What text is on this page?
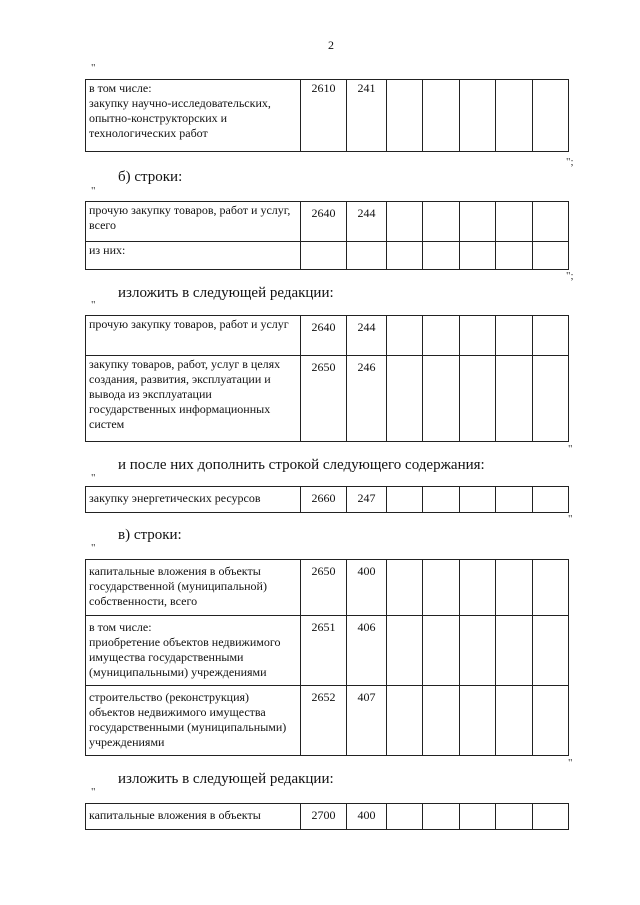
2
"
в том числе:
закупку научно-исследовательских, опытно-конструкторских и технологических работ	2610	241					
";
б) строки:
"
прочую закупку товаров, работ и услуг, всего	2640	244					
из них:							
";
изложить в следующей редакции:
"
прочую закупку товаров, работ и услуг	2640	244					
закупку товаров, работ, услуг в целях создания, развития, эксплуатации и вывода из эксплуатации государственных информационных систем	2650	246					
"
и после них дополнить строкой следующего содержания:
"
закупку энергетических ресурсов	2660	247					
"
в) строки:
"
капитальные вложения в объекты государственной (муниципальной) собственности, всего	2650	400					
в том числе:
приобретение объектов недвижимого имущества государственными (муниципальными) учреждениями	2651	406					
строительство (реконструкция) объектов недвижимого имущества государственными (муниципальными) учреждениями	2652	407					
"
изложить в следующей редакции:
"
капитальные вложения в объекты	2700	400					
